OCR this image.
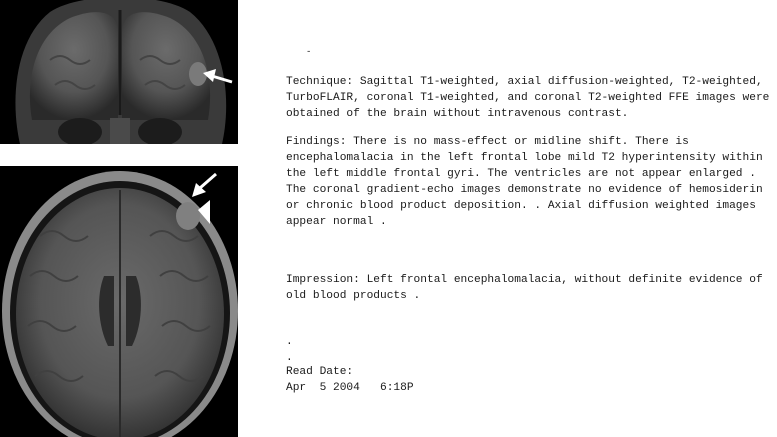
-

Technique: Sagittal T1-weighted, axial diffusion-weighted, T2-weighted,
TurboFLAIR, coronal T1-weighted, and coronal T2-weighted FFE images were
obtained of the brain without intravenous contrast.

Findings: There is no mass-effect or midline shift. There is
encephalomalacia in the left frontal lobe mild T2 hyperintensity within
the left middle frontal gyri. The ventricles are not appear enlarged .
The coronal gradient-echo images demonstrate no evidence of hemosiderin
or chronic blood product deposition. . Axial diffusion weighted images
appear normal .

Impression: Left frontal encephalomalacia, without definite evidence of
old blood products .

.

.

Read Date:

Apr  5 2004   6:18P
